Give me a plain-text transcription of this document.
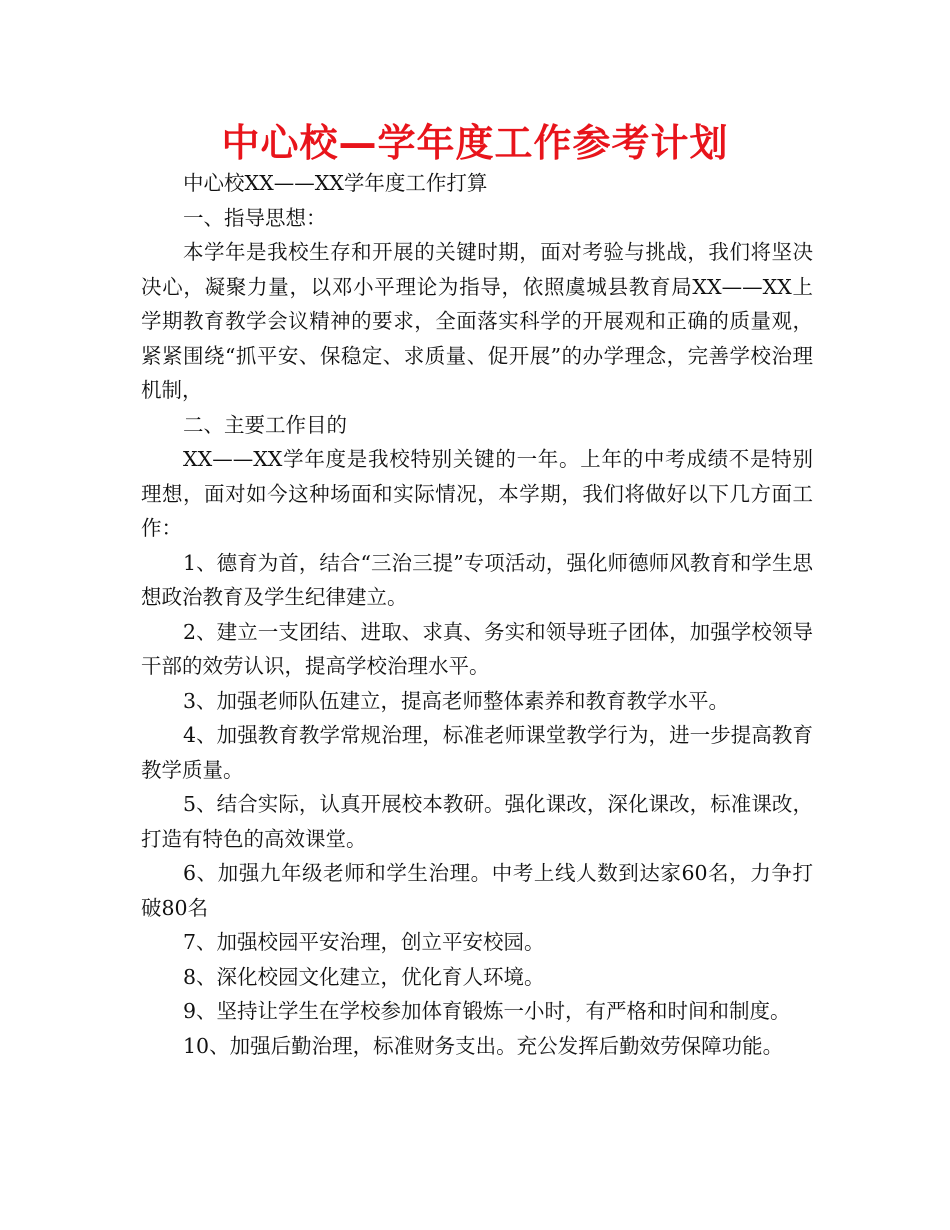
中心校—学年度工作参考计划

中心校XX——XX学年度工作打算

一、指导思想：

本学年是我校生存和开展的关键时期，面对考验与挑战，我们将坚决决心，凝聚力量，以邓小平理论为指导，依照虞城县教育局XX——XX上学期教育教学会议精神的要求，全面落实科学的开展观和正确的质量观，紧紧围绕“抓平安、保稳定、求质量、促开展”的办学理念，完善学校治理机制，

二、主要工作目的

XX——XX学年度是我校特别关键的一年。上年的中考成绩不是特别理想，面对如今这种场面和实际情况，本学期，我们将做好以下几方面工作：

1、德育为首，结合“三治三提”专项活动，强化师德师风教育和学生思想政治教育及学生纪律建立。

2、建立一支团结、进取、求真、务实和领导班子团体，加强学校领导干部的效劳认识，提高学校治理水平。

3、加强老师队伍建立，提高老师整体素养和教育教学水平。

4、加强教育教学常规治理，标准老师课堂教学行为，进一步提高教育教学质量。

5、结合实际，认真开展校本教研。强化课改，深化课改，标准课改，打造有特色的高效课堂。

6、加强九年级老师和学生治理。中考上线人数到达家60名，力争打破80名

7、加强校园平安治理，创立平安校园。

8、深化校园文化建立，优化育人环境。

9、坚持让学生在学校参加体育锻炼一小时，有严格和时间和制度。

10、加强后勤治理，标准财务支出。充公发挥后勤效劳保障功能。
